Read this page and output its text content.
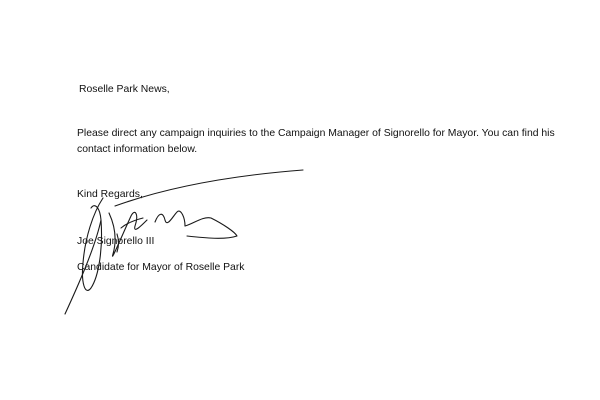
Roselle Park News,

Please direct any campaign inquiries to the Campaign Manager of Signorello for Mayor. You can find his

contact information below.

Kind Regards,

Joe Signorello III

Candidate for Mayor of Roselle Park
